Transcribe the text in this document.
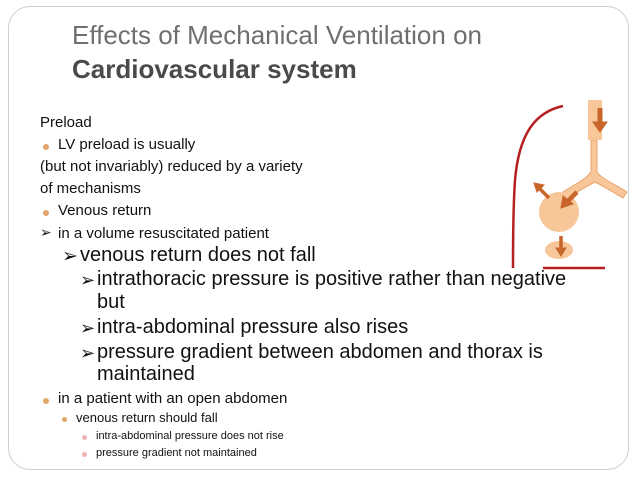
Effects of Mechanical Ventilation on
Cardiovascular system
Preload
LV preload is usually
(but not invariably) reduced by a variety
of mechanisms
Venous return
➢ in a volume resuscitated patient
➢ venous return does not fall
➢ intrathoracic pressure is positive rather than negative
but
➢ intra-abdominal pressure also rises
➢ pressure gradient between abdomen and thorax is
maintained
in a patient with an open abdomen
venous return should fall
intra-abdominal pressure does not rise
pressure gradient not maintained
